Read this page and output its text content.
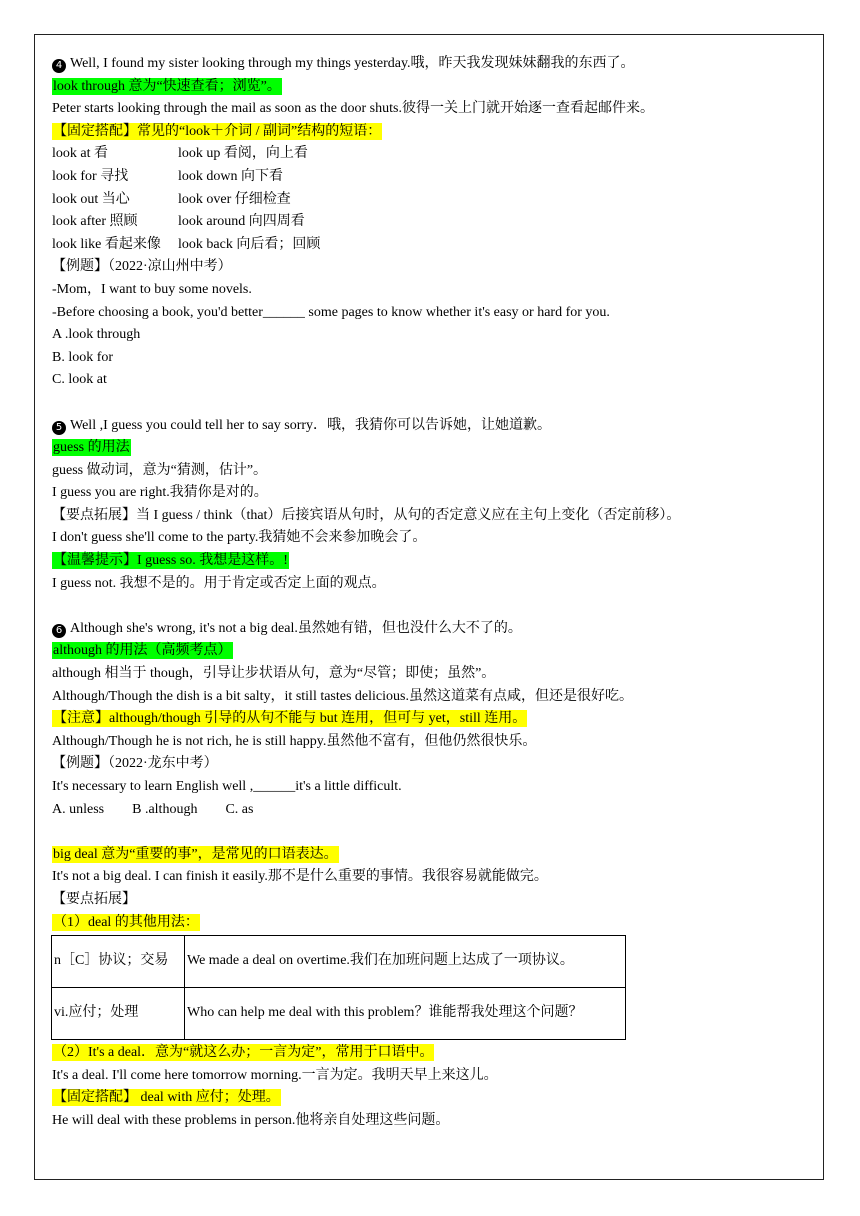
4 Well, I found my sister looking through my things yesterday.哦，昨天我发现妹妹翻我的东西了。
look through 意为“快速查看；浏览”。
Peter starts looking through the mail as soon as the door shuts.彼得一关上门就开始逐一查看起邮件来。
【固定搭配】常见的“look＋介词 / 副词”结构的短语：
look at 看	look up 看阅，向上看
look for 寻找	look down 向下看
look out 当心	look over 仔细检查
look after 照顾	look around 向四周看
look like 看起来像 look back 向后看；回顾
【例题】（2022·凉山州中考）
-Mom，I want to buy some novels.
-Before choosing a book, you'd better______ some pages to know whether it's easy or hard for you.
A .look through
B. look for
C. look at
5 Well ,I guess you could tell her to say sorry．哦，我猜你可以告诉她，让她道歉。
guess 的用法
guess 做动词，意为“猜测，估计”。
I guess you are right.我猜你是对的。
【要点拓展】当 I guess / think（that）后接宾语从句时，从句的否定意义应在主句上变化（否定前移）。
I don't guess she'll come to the party.我猜她不会来参加晚会了。
【温馨提示】I guess so. 我想是这样。!
I guess not. 我想不是的。用于肯定或否定上面的观点。
6 Although she's wrong, it's not a big deal.虽然她有错，但也没什么大不了的。
although 的用法（高频考点）
although 相当于 though，引导让步状语从句，意为“尽管；即使；虽然”。
Although/Though the dish is a bit salty，it still tastes delicious.虽然这道菜有点咸，但还是很好吃。
【注意】although/though 引导的从句不能与 but 连用，但可与 yet，still 连用。
Although/Though he is not rich, he is still happy.虽然他不富有，但他仍然很快乐。
【例题】（2022·龙东中考）
It's necessary to learn English well ,______it's a little difficult.
A. unless        B .although        C. as
big deal 意为“重要的事”，是常见的口语表达。
It's not a big deal. I can finish it easily.那不是什么重要的事情。我很容易就能做完。
【要点拓展】
（1）deal 的其他用法：
n［C］协议；交易	We made a deal on overtime.我们在加班问题上达成了一项协议。
vi.应付；处理	Who can help me deal with this problem？谁能帮我处理这个问题？
（2）It's a deal．意为“就这么办；一言为定”，常用于口语中。
It's a deal. I'll come here tomorrow morning.一言为定。我明天早上来这儿。
【固定搭配】 deal with 应付；处理。
He will deal with these problems in person.他将亲自处理这些问题。
